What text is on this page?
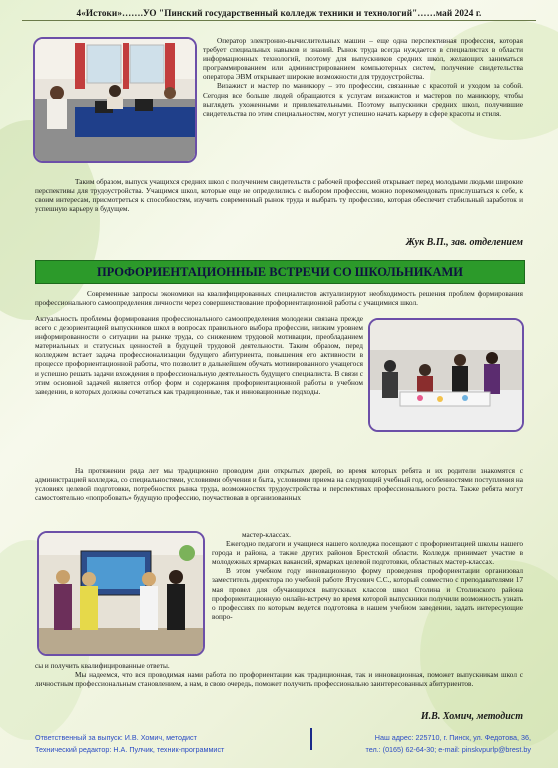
4«Истоки»…….УО "Пинский государственный колледж техники и технологий"……май 2024 г.

Оператор электронно-вычислительных машин – еще одна перспективная профессия, которая требует специальных навыков и знаний. Рынок труда всегда нуждается в специалистах в области информационных технологий, поэтому для выпускников средних школ, желающих заниматься программированием или администрированием компьютерных систем, получение свидетельства оператора ЭВМ открывает широкие возможности для трудоустройства.

Визажист и мастер по маникюру – это профессии, связанные с красотой и уходом за собой. Сегодня все больше людей обращаются к услугам визажистов и мастеров по маникюру, чтобы выглядеть ухоженными и привлекательными. Поэтому выпускники средних школ, получившие свидетельства по этим специальностям, могут успешно начать карьеру в сфере красоты и стиля.

Таким образом, выпуск учащихся средних школ с получением свидетельств с рабочей профессией открывает перед молодыми людьми широкие перспективы для трудоустройства. Учащимся школ, которые еще не определились с выбором профессии, можно порекомендовать прислушаться к себе, к своим интересам, присмотреться к способностям, изучить современный рынок труда и выбрать ту профессию, которая обеспечит стабильный заработок и успешную карьеру в будущем.

Жук В.П., зав. отделением
ПРОФОРИЕНТАЦИОННЫЕ ВСТРЕЧИ СО ШКОЛЬНИКАМИ

Современные запросы экономики на квалифицированных специалистов актуализируют необходимость решения проблем формирования профессионального самоопределения личности через совершенствование профориентационной работы с учащимися школ.

Актуальность проблемы формирования профессионального самоопределения молодежи связана прежде всего с дезориентацией выпускников школ в вопросах правильного выбора профессии, низким уровнем информированности о ситуации на рынке труда, со снижением трудовой мотивации, преобладанием материальных и статусных ценностей в будущей трудовой деятельности. Таким образом, перед колледжем встает задача профессионализации будущего абитуриента, повышения его активности в процессе профориентационной работы, что позволит в дальнейшем обучать мотивированного учащегося и успешно решать задачи вхождения в профессиональную деятельность будущего специалиста. В связи с этим основной задачей является отбор форм и содержания профориентационной работы в учебном заведении, в которых должны сочетаться как традиционные, так и инновационные подходы.

На протяжении ряда лет мы традиционно проводим дни открытых дверей, во время которых ребята и их родители знакомятся с администрацией колледжа, со специальностями, условиями обучения и быта, условиями приема на следующий учебный год, особенностями поступления на условиях целевой подготовки, потребностях рынка труда, возможностях трудоустройства и перспективах профессионального роста. Также ребята могут самостоятельно «попробовать» будущую профессию, поучаствовав в организованных

мастер-классах.

Ежегодно педагоги и учащиеся нашего колледжа посещают с профориентацией школы нашего города и района, а также других районов Брестской области. Колледж принимает участие в молодежных ярмарках вакансий, ярмарках целевой подготовки, областных мастер-классах.

В этом учебном году инновационную форму проведения профориентации организовал заместитель директора по учебной работе Ятусевич С.С., который совместно с преподавателями 17 мая провел для обучающихся выпускных классов школ Столина и Столинского района профориентационную онлайн-встречу во время которой выпускники получили возможность узнать о профессиях по которым ведется подготовка в нашем учебном заведении, задать интересующие вопро-

сы и получить квалифицированные ответы.

Мы надеемся, что вся проводимая нами работа по профориентации как традиционная, так и инновационная, поможет выпускникам школ с личностным профессиональным становлением, а нам, в свою очередь, поможет получить профессионально заинтересованных абитуриентов.

И.В. Хомич, методист
Ответственный за выпуск: И.В. Хомич, методист
Технический редактор: Н.А. Пулчик, техник-программист
Наш адрес: 225710, г. Пинск, ул. Федотова, 36,
тел.: (0165) 62-64-30; e-mail: pinskvpurlp@brest.by
